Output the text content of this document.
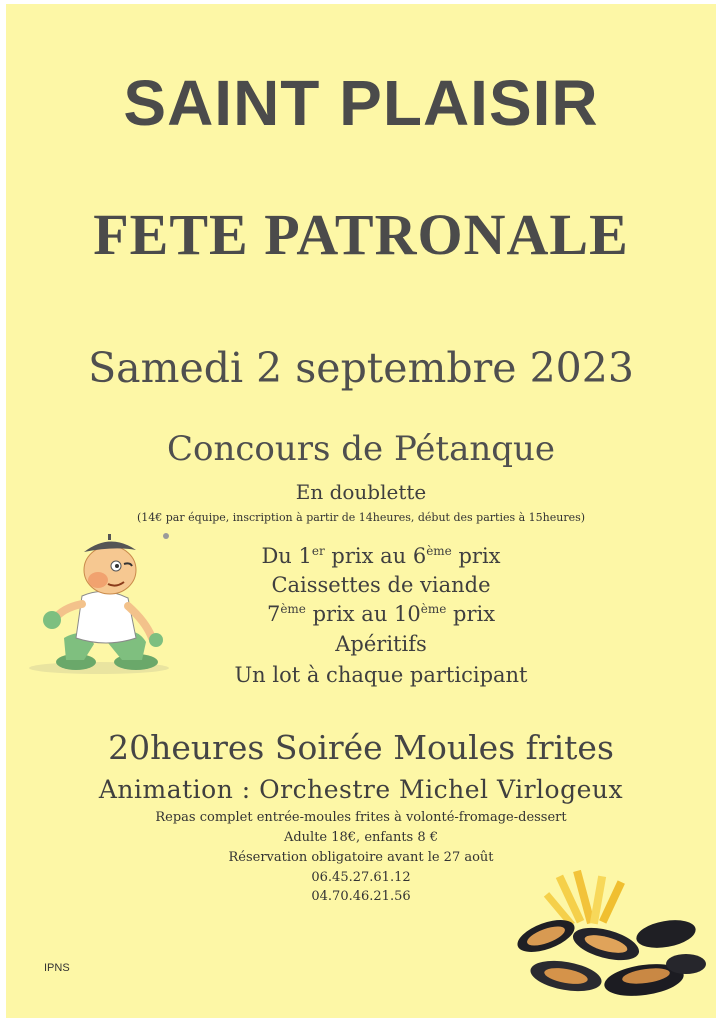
SAINT PLAISIR
FETE PATRONALE
Samedi 2 septembre 2023
Concours de Pétanque
En doublette
(14€ par équipe, inscription à partir de 14heures, début des parties à 15heures)
Du 1er prix au 6ème prix
Caissettes de viande
7ème prix au 10ème prix
Apéritifs
Un lot à chaque participant
20heures Soirée Moules frites
Animation : Orchestre Michel Virlogeux
Repas complet entrée-moules frites à volonté-fromage-dessert
Adulte 18€, enfants 8 €
Réservation obligatoire avant le 27 août
06.45.27.61.12
04.70.46.21.56
IPNS
